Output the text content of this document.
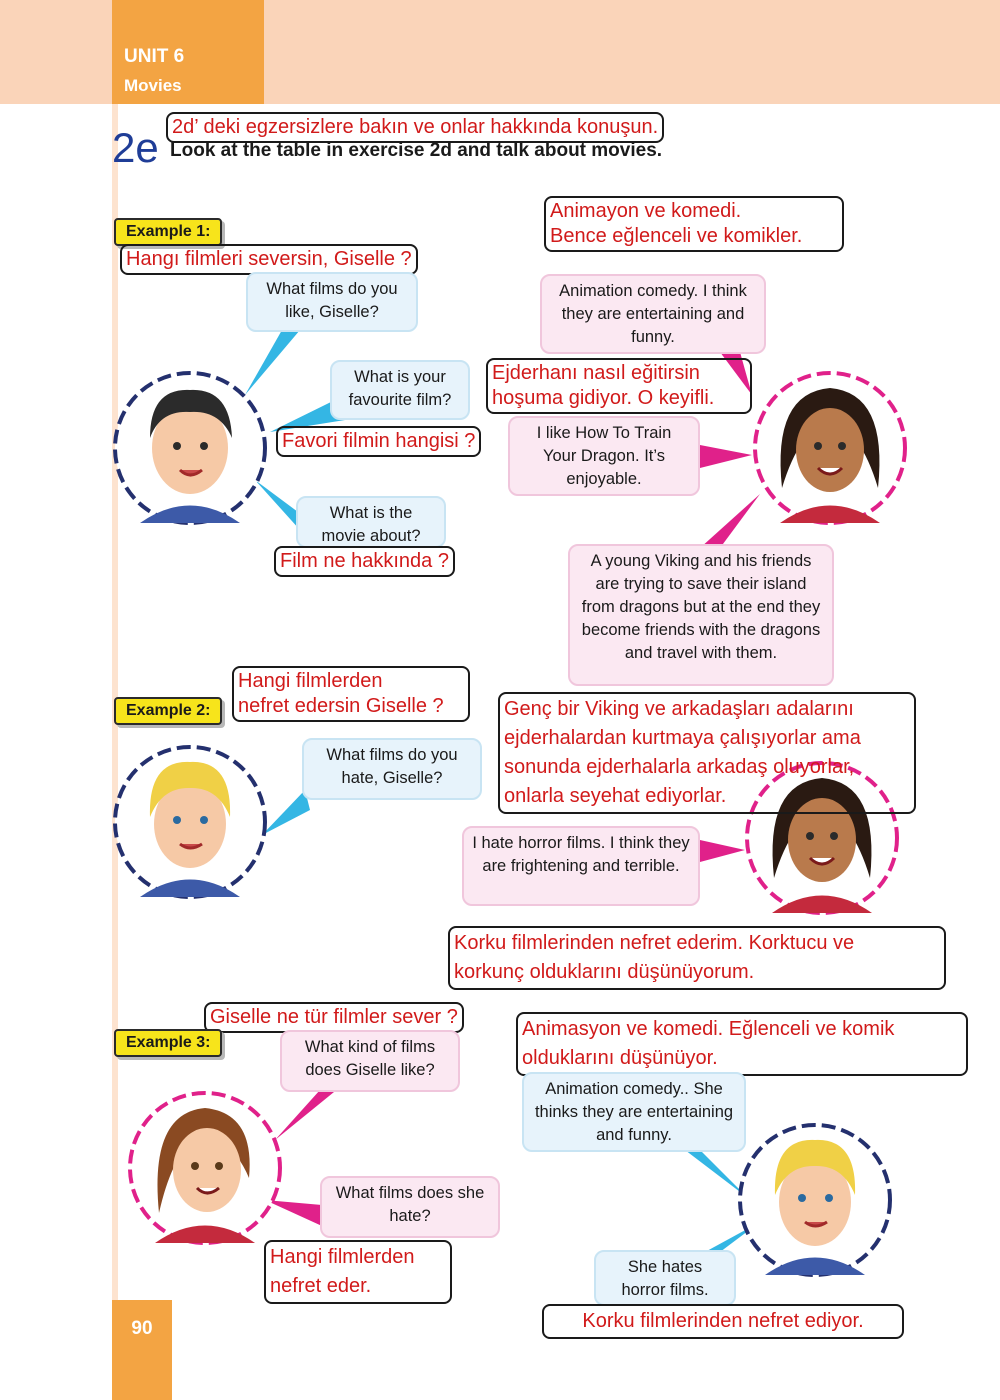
UNIT 6
Movies
2d’ deki egzersizlere bakın ve onlar hakkında konuşun.
2e Look at the table in exercise 2d and talk about movies.
Example 1:
Hangı filmleri seversin, Giselle ?
What films do you like, Giselle?
Animayon ve komedi.
Bence eğlenceli ve komikler.
Animation comedy. I think they are entertaining and funny.
What is your favourite film?
Ejderhanı nasıl eğitirsin
hoşuma gidiyor. O keyifli.
Favori filmin hangisi ?	I like How To Train Your Dragon. It’s enjoyable.
What is the movie about?
Film ne hakkında ?	A young Viking and his friends are trying to save their island from dragons but at the end they become friends with the dragons and travel with them.
Genç bir Viking ve arkadaşları adalarını
ejderhalardan kurtmaya çalışıyorlar ama
sonunda ejderhalarla arkadaş oluyorlar,
onlarla seyehat ediyorlar.
Hangi filmlerden
nefret edersin Giselle ?
Example 2:
What films do you hate, Giselle?
I hate horror films. I think they are frightening and terrible.
Korku filmlerinden nefret ederim. Korktucu ve
korkunç olduklarını düşünüyorum.
Giselle ne tür filmler sever ?
Example 3:	What kind of films does Giselle like?
Animasyon ve komedi. Eğlenceli ve komik
olduklarını düşünüyor.
Animation comedy.. She thinks they are entertaining and funny.
What films does she hate?
Hangi filmlerden
nefret eder.
She hates horror films.
Korku filmlerinden nefret ediyor.
90
